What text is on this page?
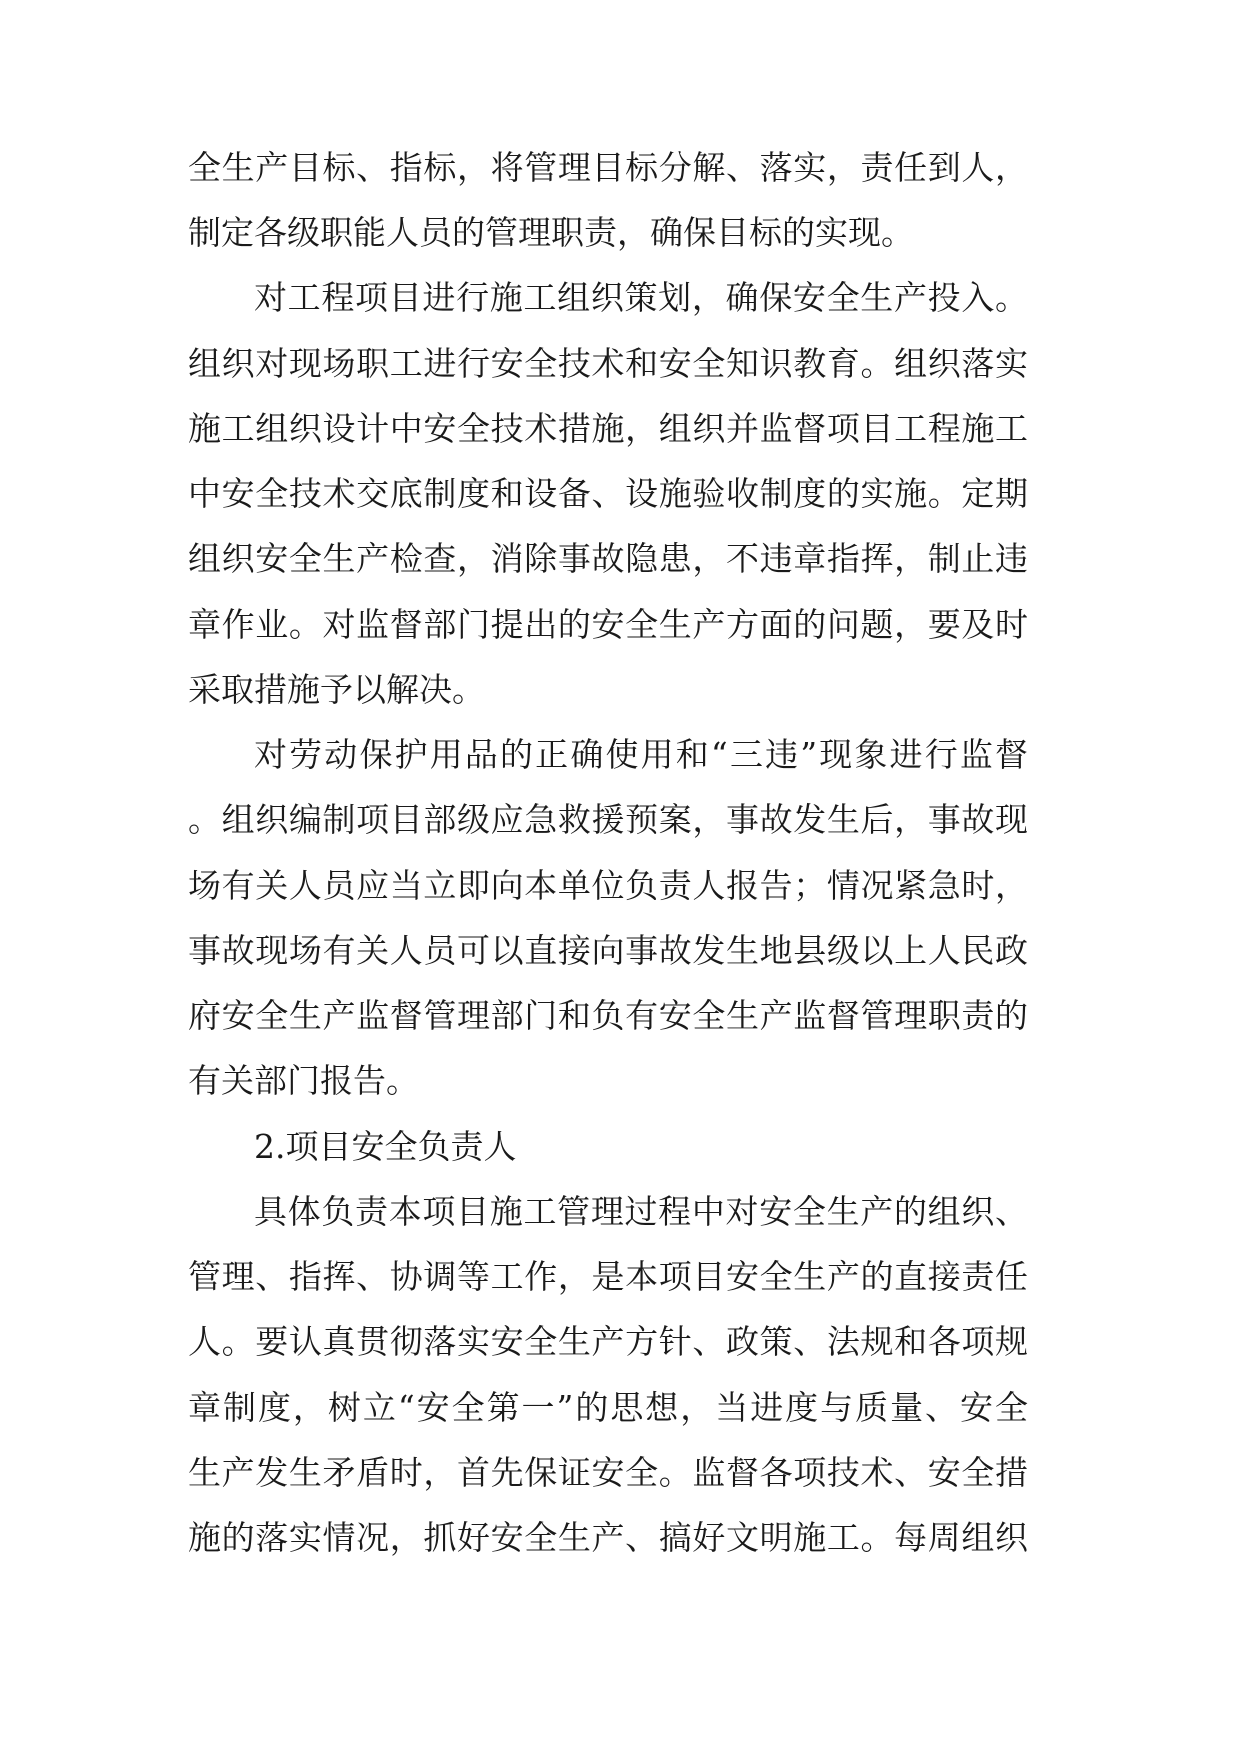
全生产目标、指标，将管理目标分解、落实，责任到人，
制定各级职能人员的管理职责，确保目标的实现。
对工程项目进行施工组织策划，确保安全生产投入。
组织对现场职工进行安全技术和安全知识教育。组织落实
施工组织设计中安全技术措施，组织并监督项目工程施工
中安全技术交底制度和设备、设施验收制度的实施。定期
组织安全生产检查，消除事故隐患，不违章指挥，制止违
章作业。对监督部门提出的安全生产方面的问题，要及时
采取措施予以解决。
对劳动保护用品的正确使用和“三违”现象进行监督
。组织编制项目部级应急救援预案，事故发生后，事故现
场有关人员应当立即向本单位负责人报告；情况紧急时，
事故现场有关人员可以直接向事故发生地县级以上人民政
府安全生产监督管理部门和负有安全生产监督管理职责的
有关部门报告。
2.项目安全负责人
具体负责本项目施工管理过程中对安全生产的组织、
管理、指挥、协调等工作，是本项目安全生产的直接责任
人。要认真贯彻落实安全生产方针、政策、法规和各项规
章制度，树立“安全第一”的思想，当进度与质量、安全
生产发生矛盾时，首先保证安全。监督各项技术、安全措
施的落实情况，抓好安全生产、搞好文明施工。每周组织
